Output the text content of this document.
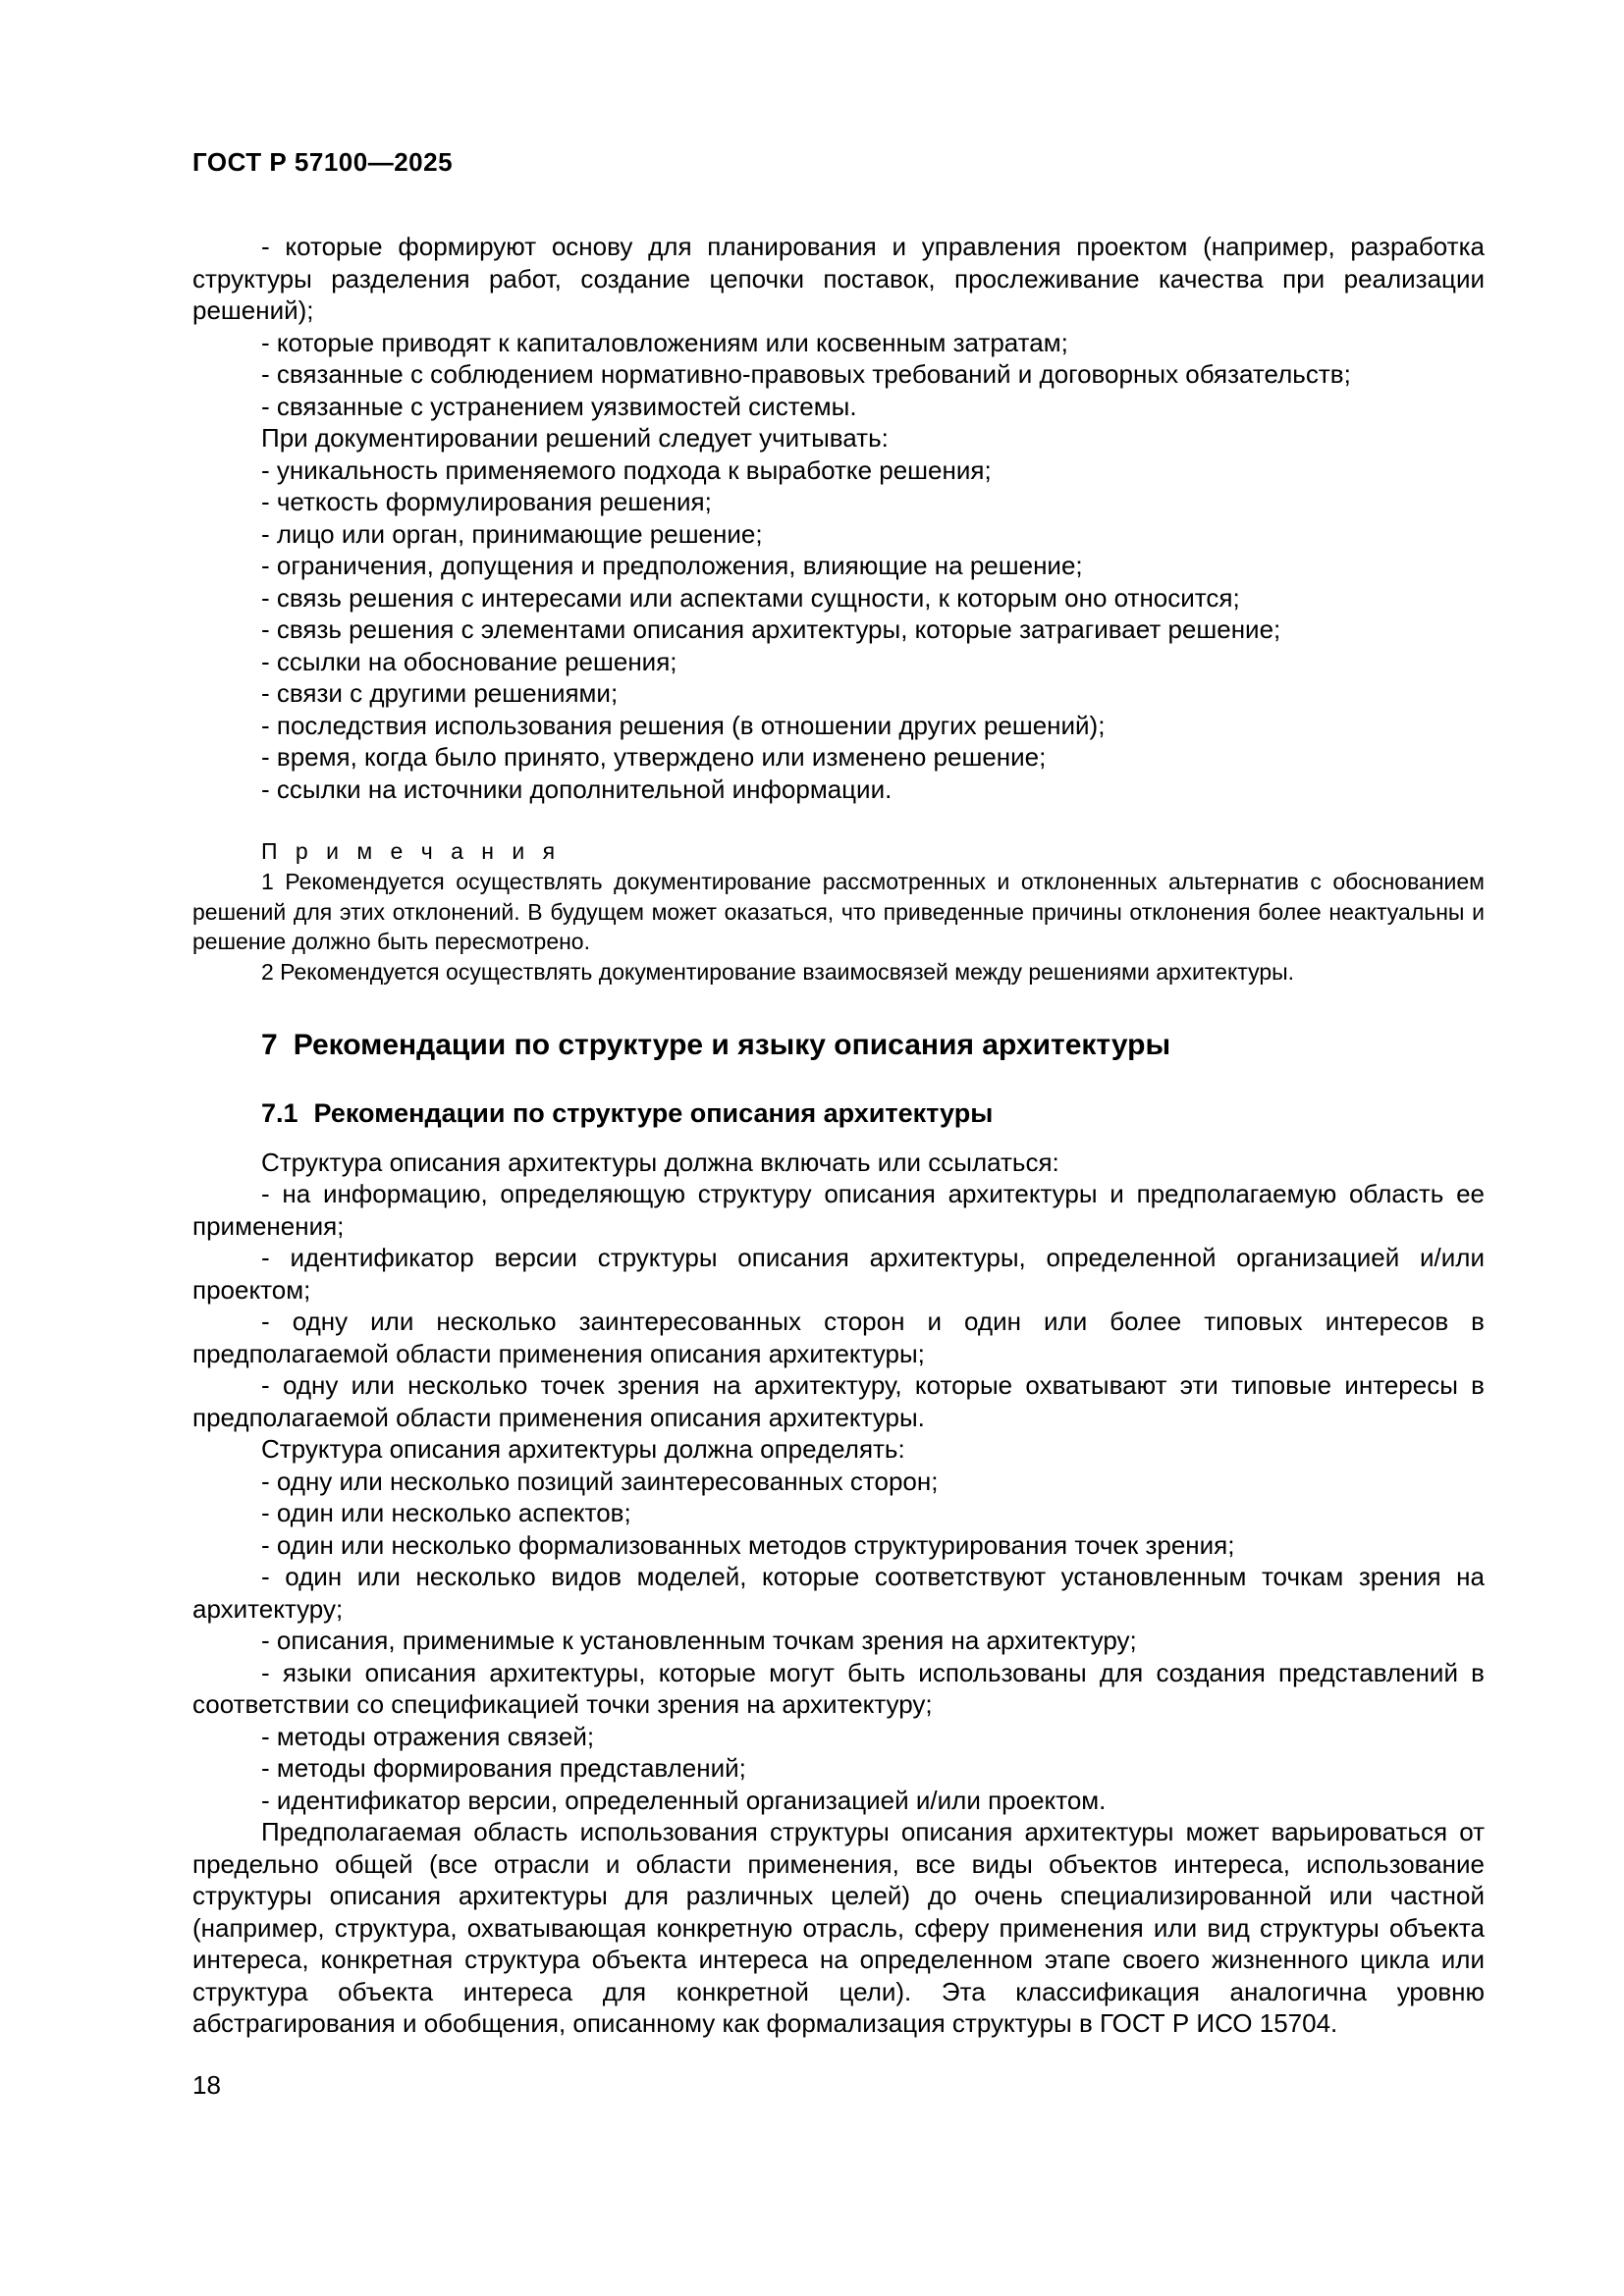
ГОСТ Р 57100—2025

- которые формируют основу для планирования и управления проектом (например, разработка структуры разделения работ, создание цепочки поставок, прослеживание качества при реализации решений);

- которые приводят к капиталовложениям или косвенным затратам;

- связанные с соблюдением нормативно-правовых требований и договорных обязательств;

- связанные с устранением уязвимостей системы.

При документировании решений следует учитывать:

- уникальность применяемого подхода к выработке решения;

- четкость формулирования решения;

- лицо или орган, принимающие решение;

- ограничения, допущения и предположения, влияющие на решение;

- связь решения с интересами или аспектами сущности, к которым оно относится;

- связь решения с элементами описания архитектуры, которые затрагивает решение;

- ссылки на обоснование решения;

- связи с другими решениями;

- последствия использования решения (в отношении других решений);

- время, когда было принято, утверждено или изменено решение;

- ссылки на источники дополнительной информации.

П р и м е ч а н и я

1 Рекомендуется осуществлять документирование рассмотренных и отклоненных альтернатив с обоснованием решений для этих отклонений. В будущем может оказаться, что приведенные причины отклонения более неактуальны и решение должно быть пересмотрено.

2 Рекомендуется осуществлять документирование взаимосвязей между решениями архитектуры.

7 Рекомендации по структуре и языку описания архитектуры
7.1 Рекомендации по структуре описания архитектуры

Структура описания архитектуры должна включать или ссылаться:

- на информацию, определяющую структуру описания архитектуры и предполагаемую область ее применения;

- идентификатор версии структуры описания архитектуры, определенной организацией и/или проектом;

- одну или несколько заинтересованных сторон и один или более типовых интересов в предполагаемой области применения описания архитектуры;

- одну или несколько точек зрения на архитектуру, которые охватывают эти типовые интересы в предполагаемой области применения описания архитектуры.

Структура описания архитектуры должна определять:

- одну или несколько позиций заинтересованных сторон;

- один или несколько аспектов;

- один или несколько формализованных методов структурирования точек зрения;

- один или несколько видов моделей, которые соответствуют установленным точкам зрения на архитектуру;

- описания, применимые к установленным точкам зрения на архитектуру;

- языки описания архитектуры, которые могут быть использованы для создания представлений в соответствии со спецификацией точки зрения на архитектуру;

- методы отражения связей;

- методы формирования представлений;

- идентификатор версии, определенный организацией и/или проектом.

Предполагаемая область использования структуры описания архитектуры может варьироваться от предельно общей (все отрасли и области применения, все виды объектов интереса, использование структуры описания архитектуры для различных целей) до очень специализированной или частной (например, структура, охватывающая конкретную отрасль, сферу применения или вид структуры объекта интереса, конкретная структура объекта интереса на определенном этапе своего жизненного цикла или структура объекта интереса для конкретной цели). Эта классификация аналогична уровню абстрагирования и обобщения, описанному как формализация структуры в ГОСТ Р ИСО 15704.

18
